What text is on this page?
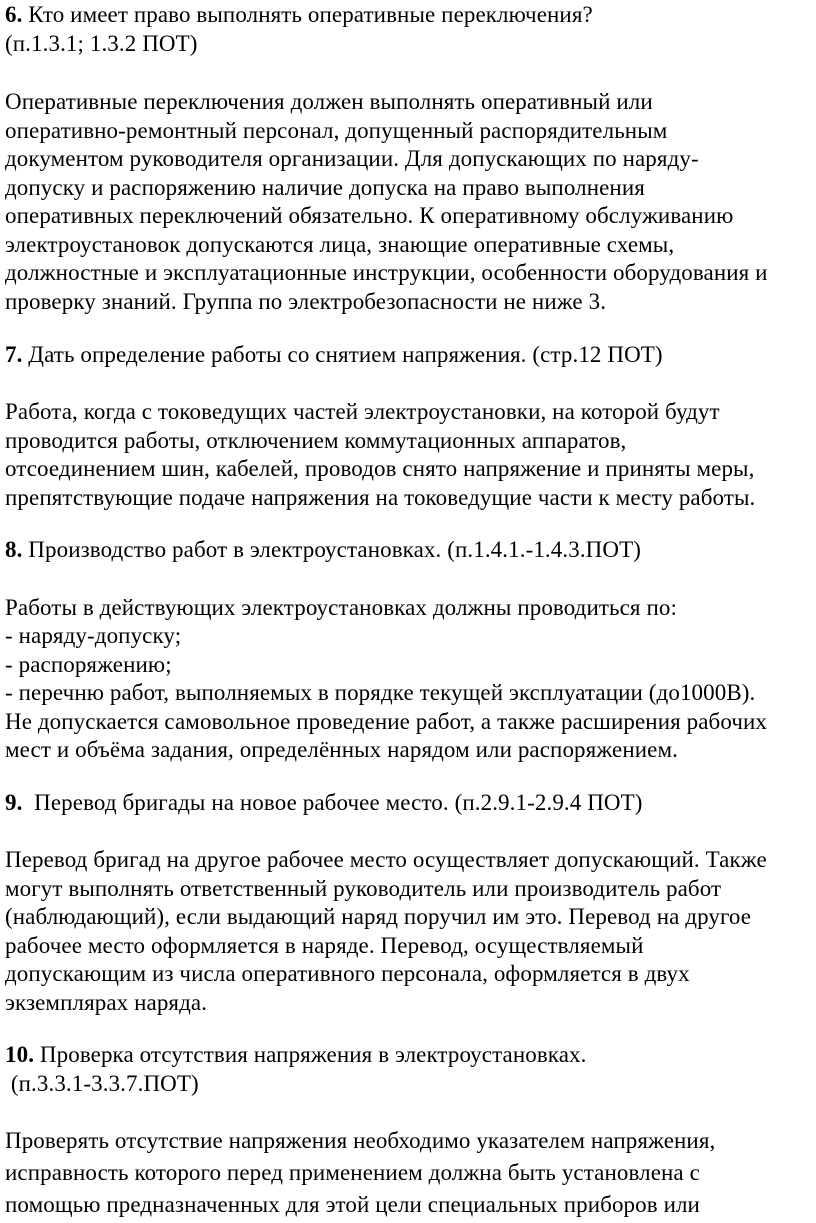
6. Кто имеет право выполнять оперативные переключения?
(п.1.3.1; 1.3.2 ПОТ)
Оперативные переключения должен выполнять оперативный или
оперативно-ремонтный персонал, допущенный распорядительным
документом руководителя организации. Для допускающих по наряду-
допуску и распоряжению наличие допуска на право выполнения
оперативных переключений обязательно. К оперативному обслуживанию
электроустановок допускаются лица, знающие оперативные схемы,
должностные и эксплуатационные инструкции, особенности оборудования и
проверку знаний. Группа по электробезопасности не ниже 3.
7. Дать определение работы со снятием напряжения. (стр.12 ПОТ)
Работа, когда с токоведущих частей электроустановки, на которой будут
проводится работы, отключением коммутационных аппаратов,
отсоединением шин, кабелей, проводов снято напряжение и приняты меры,
препятствующие подаче напряжения на токоведущие части к месту работы.
8. Производство работ в электроустановках. (п.1.4.1.-1.4.3.ПОТ)
Работы в действующих электроустановках должны проводиться по:
- наряду-допуску;
- распоряжению;
- перечню работ, выполняемых в порядке текущей эксплуатации (до1000В).
Не допускается самовольное проведение работ, а также расширения рабочих
мест и объёма задания, определённых нарядом или распоряжением.
9.  Перевод бригады на новое рабочее место. (п.2.9.1-2.9.4 ПОТ)
Перевод бригад на другое рабочее место осуществляет допускающий. Также
могут выполнять ответственный руководитель или производитель работ
(наблюдающий), если выдающий наряд поручил им это. Перевод на другое
рабочее место оформляется в наряде. Перевод, осуществляемый
допускающим из числа оперативного персонала, оформляется в двух
экземплярах наряда.
10. Проверка отсутствия напряжения в электроустановках.
(п.3.3.1-3.3.7.ПОТ)
Проверять отсутствие напряжения необходимо указателем напряжения,
исправность которого перед применением должна быть установлена с
помощью предназначенных для этой цели специальных приборов или
